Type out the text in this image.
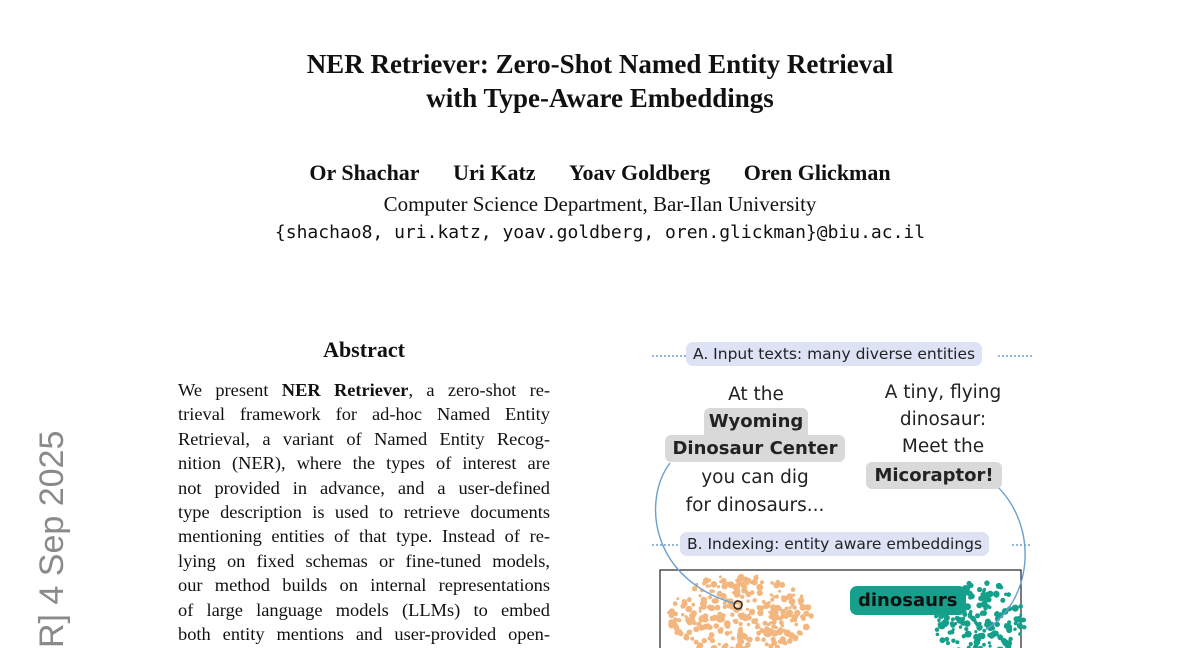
NER Retriever: Zero-Shot Named Entity Retrieval
with Type-Aware Embeddings
Or Shachar Uri Katz Yoav Goldberg Oren Glickman
Computer Science Department, Bar-Ilan University
{shachao8, uri.katz, yoav.goldberg, oren.glickman}@biu.ac.il
R] 4 Sep 2025
Abstract
We present NER Retriever, a zero-shot re-
trieval framework for ad-hoc Named Entity
Retrieval, a variant of Named Entity Recog-
nition (NER), where the types of interest are
not provided in advance, and a user-defined
type description is used to retrieve documents
mentioning entities of that type. Instead of re-
lying on fixed schemas or fine-tuned models,
our method builds on internal representations
of large language models (LLMs) to embed
both entity mentions and user-provided open-
A. Input texts: many diverse entities
At the
Wyoming
Dinosaur Center
you can dig
for dinosaurs...
A tiny, flying
dinosaur:
Meet the
Micoraptor!
B. Indexing: entity aware embeddings
dinosaurs
